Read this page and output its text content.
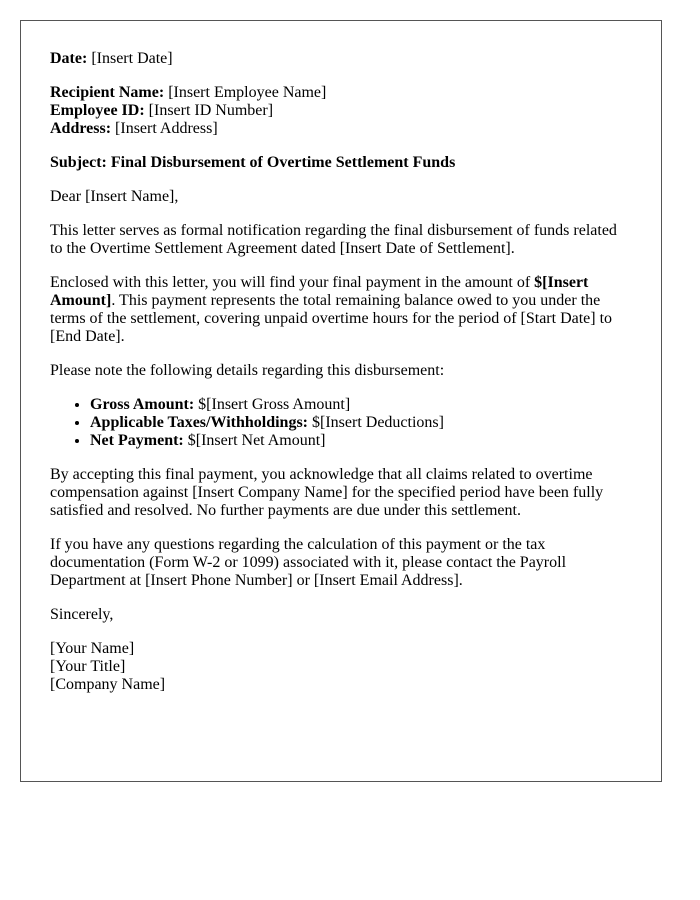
Date: [Insert Date]

Recipient Name: [Insert Employee Name]
Employee ID: [Insert ID Number]
Address: [Insert Address]

Subject: Final Disbursement of Overtime Settlement Funds

Dear [Insert Name],

This letter serves as formal notification regarding the final disbursement of funds related to the Overtime Settlement Agreement dated [Insert Date of Settlement].

Enclosed with this letter, you will find your final payment in the amount of $[Insert Amount]. This payment represents the total remaining balance owed to you under the terms of the settlement, covering unpaid overtime hours for the period of [Start Date] to [End Date].

Please note the following details regarding this disbursement:

• Gross Amount: $[Insert Gross Amount]
• Applicable Taxes/Withholdings: $[Insert Deductions]
• Net Payment: $[Insert Net Amount]

By accepting this final payment, you acknowledge that all claims related to overtime compensation against [Insert Company Name] for the specified period have been fully satisfied and resolved. No further payments are due under this settlement.

If you have any questions regarding the calculation of this payment or the tax documentation (Form W-2 or 1099) associated with it, please contact the Payroll Department at [Insert Phone Number] or [Insert Email Address].

Sincerely,

[Your Name]
[Your Title]
[Company Name]
